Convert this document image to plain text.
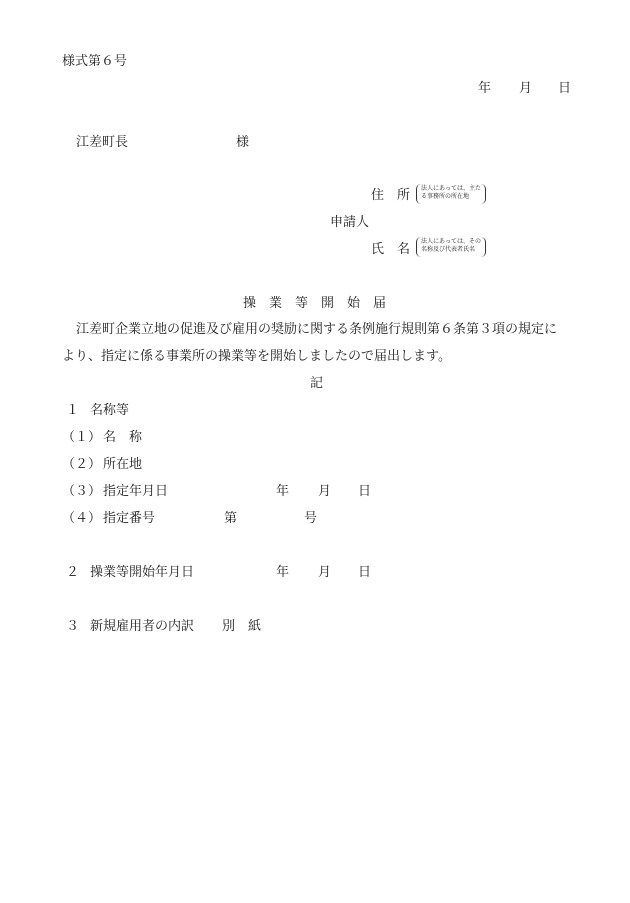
様式第６号
年 月 日
江差町長	様
住　所 法人にあっては、主た
る事務所の所在地
申請人
氏　名
法人にあっては、その
名称及び代表者氏名
操　業　等　開　始　届
江差町企業立地の促進及び雇用の奨励に関する条例施行規則第６条第３項の規定に
より、指定に係る事業所の操業等を開始しましたので届出します。
記
１ 名称等
（１） 名　称
（２） 所在地
（３） 指定年月日	年 月 日
（４） 指定番号	第	号
２ 操業等開始年月日	年 月 日
３ 新規雇用者の内訳 別　紙
